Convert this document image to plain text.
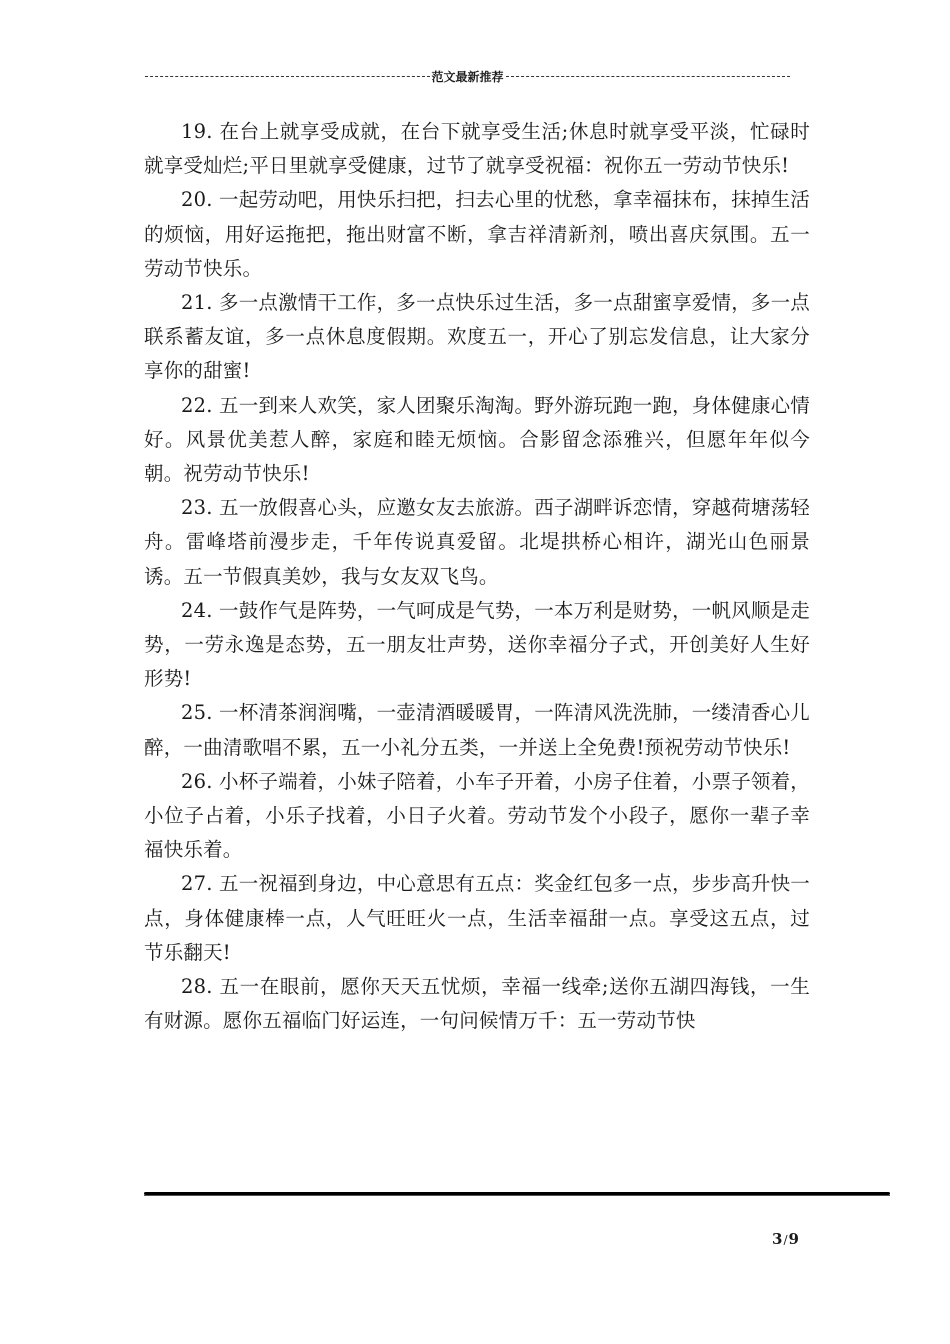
范文最新推荐

19. 在台上就享受成就，在台下就享受生活;休息时就享受平淡，忙碌时就享受灿烂;平日里就享受健康，过节了就享受祝福：祝你五一劳动节快乐!

20. 一起劳动吧，用快乐扫把，扫去心里的忧愁，拿幸福抹布，抹掉生活的烦恼，用好运拖把，拖出财富不断，拿吉祥清新剂，喷出喜庆氛围。五一劳动节快乐。

21. 多一点激情干工作，多一点快乐过生活，多一点甜蜜享爱情，多一点联系蓄友谊，多一点休息度假期。欢度五一，开心了别忘发信息，让大家分享你的甜蜜!

22. 五一到来人欢笑，家人团聚乐淘淘。野外游玩跑一跑，身体健康心情好。风景优美惹人醉，家庭和睦无烦恼。合影留念添雅兴，但愿年年似今朝。祝劳动节快乐!

23. 五一放假喜心头，应邀女友去旅游。西子湖畔诉恋情，穿越荷塘荡轻舟。雷峰塔前漫步走，千年传说真爱留。北堤拱桥心相许，湖光山色丽景诱。五一节假真美妙，我与女友双飞鸟。

24. 一鼓作气是阵势，一气呵成是气势，一本万利是财势，一帆风顺是走势，一劳永逸是态势，五一朋友壮声势，送你幸福分子式，开创美好人生好形势!

25. 一杯清茶润润嘴，一壶清酒暖暖胃，一阵清风洗洗肺，一缕清香心儿醉，一曲清歌唱不累，五一小礼分五类，一并送上全免费!预祝劳动节快乐!

26. 小杯子端着，小妹子陪着，小车子开着，小房子住着，小票子领着，小位子占着，小乐子找着，小日子火着。劳动节发个小段子，愿你一辈子幸福快乐着。

27. 五一祝福到身边，中心意思有五点：奖金红包多一点，步步高升快一点，身体健康棒一点，人气旺旺火一点，生活幸福甜一点。享受这五点，过节乐翻天!

28. 五一在眼前，愿你天天五忧烦，幸福一线牵;送你五湖四海钱，一生有财源。愿你五福临门好运连，一句问候情万千：五一劳动节快

3/9
